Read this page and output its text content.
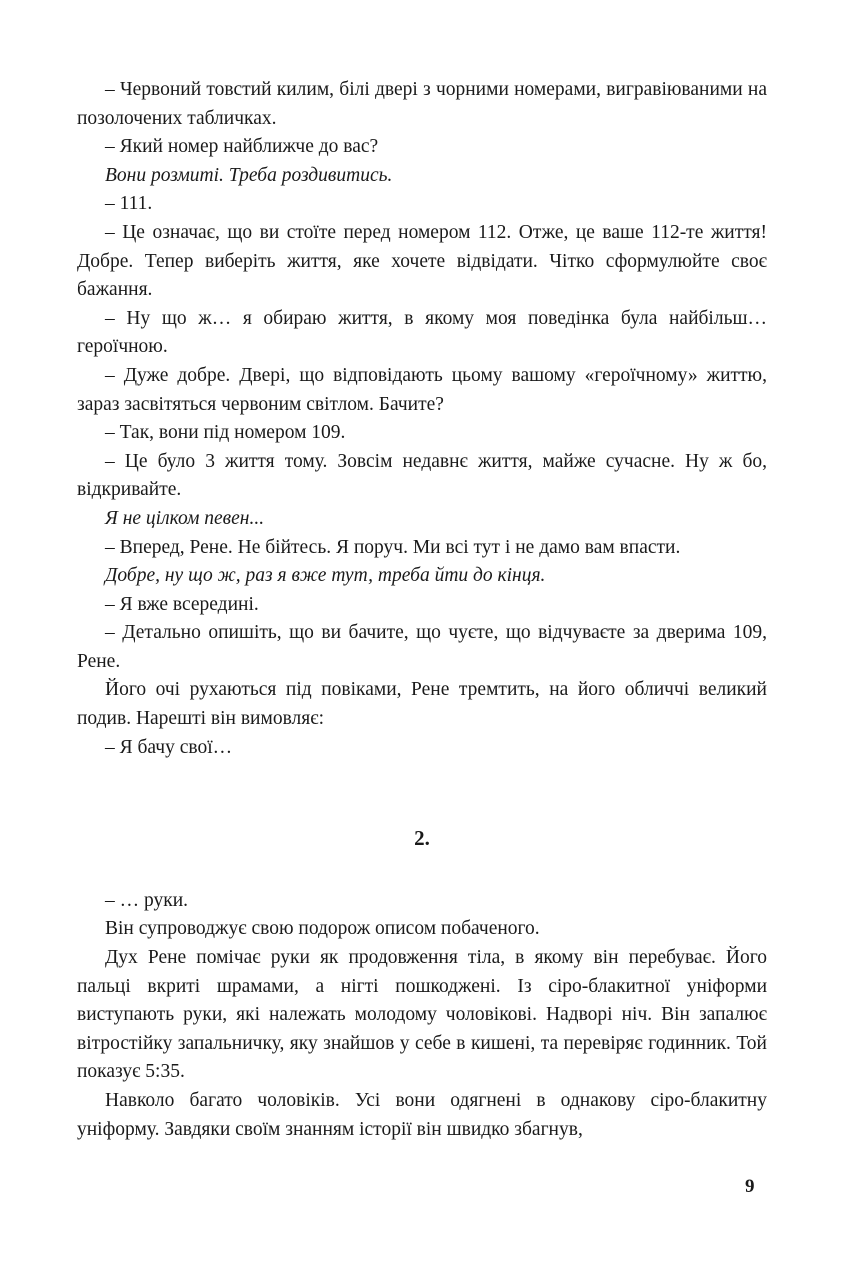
– Червоний товстий килим, білі двері з чорними номерами, вигравіюваними на позолочених табличках.

– Який номер найближче до вас?

Вони розмиті. Треба роздивитись.

– 111.

– Це означає, що ви стоїте перед номером 112. Отже, це ваше 112-те життя! Добре. Тепер виберіть життя, яке хочете відвідати. Чітко сформулюйте своє бажання.

– Ну що ж… я обираю життя, в якому моя поведінка була найбільш… героїчною.

– Дуже добре. Двері, що відповідають цьому вашому «героїчному» життю, зараз засвітяться червоним світлом. Бачите?

– Так, вони під номером 109.

– Це було 3 життя тому. Зовсім недавнє життя, майже сучасне. Ну ж бо, відкривайте.

Я не цілком певен...

– Вперед, Рене. Не бійтесь. Я поруч. Ми всі тут і не дамо вам впасти.

Добре, ну що ж, раз я вже тут, треба йти до кінця.

– Я вже всередині.

– Детально опишіть, що ви бачите, що чуєте, що відчуваєте за дверима 109, Рене.

Його очі рухаються під повіками, Рене тремтить, на його обличчі великий подив. Нарешті він вимовляє:

– Я бачу свої…

2.

– … руки.

Він супроводжує свою подорож описом побаченого.

Дух Рене помічає руки як продовження тіла, в якому він перебуває. Його пальці вкриті шрамами, а нігті пошкоджені. Із сіро-блакитної уніформи виступають руки, які належать молодому чоловікові. Надворі ніч. Він запалює вітростійку запальничку, яку знайшов у себе в кишені, та перевіряє годинник. Той показує 5:35.

Навколо багато чоловіків. Усі вони одягнені в однакову сіро-блакитну уніформу. Завдяки своїм знанням історії він швидко збагнув,

9
